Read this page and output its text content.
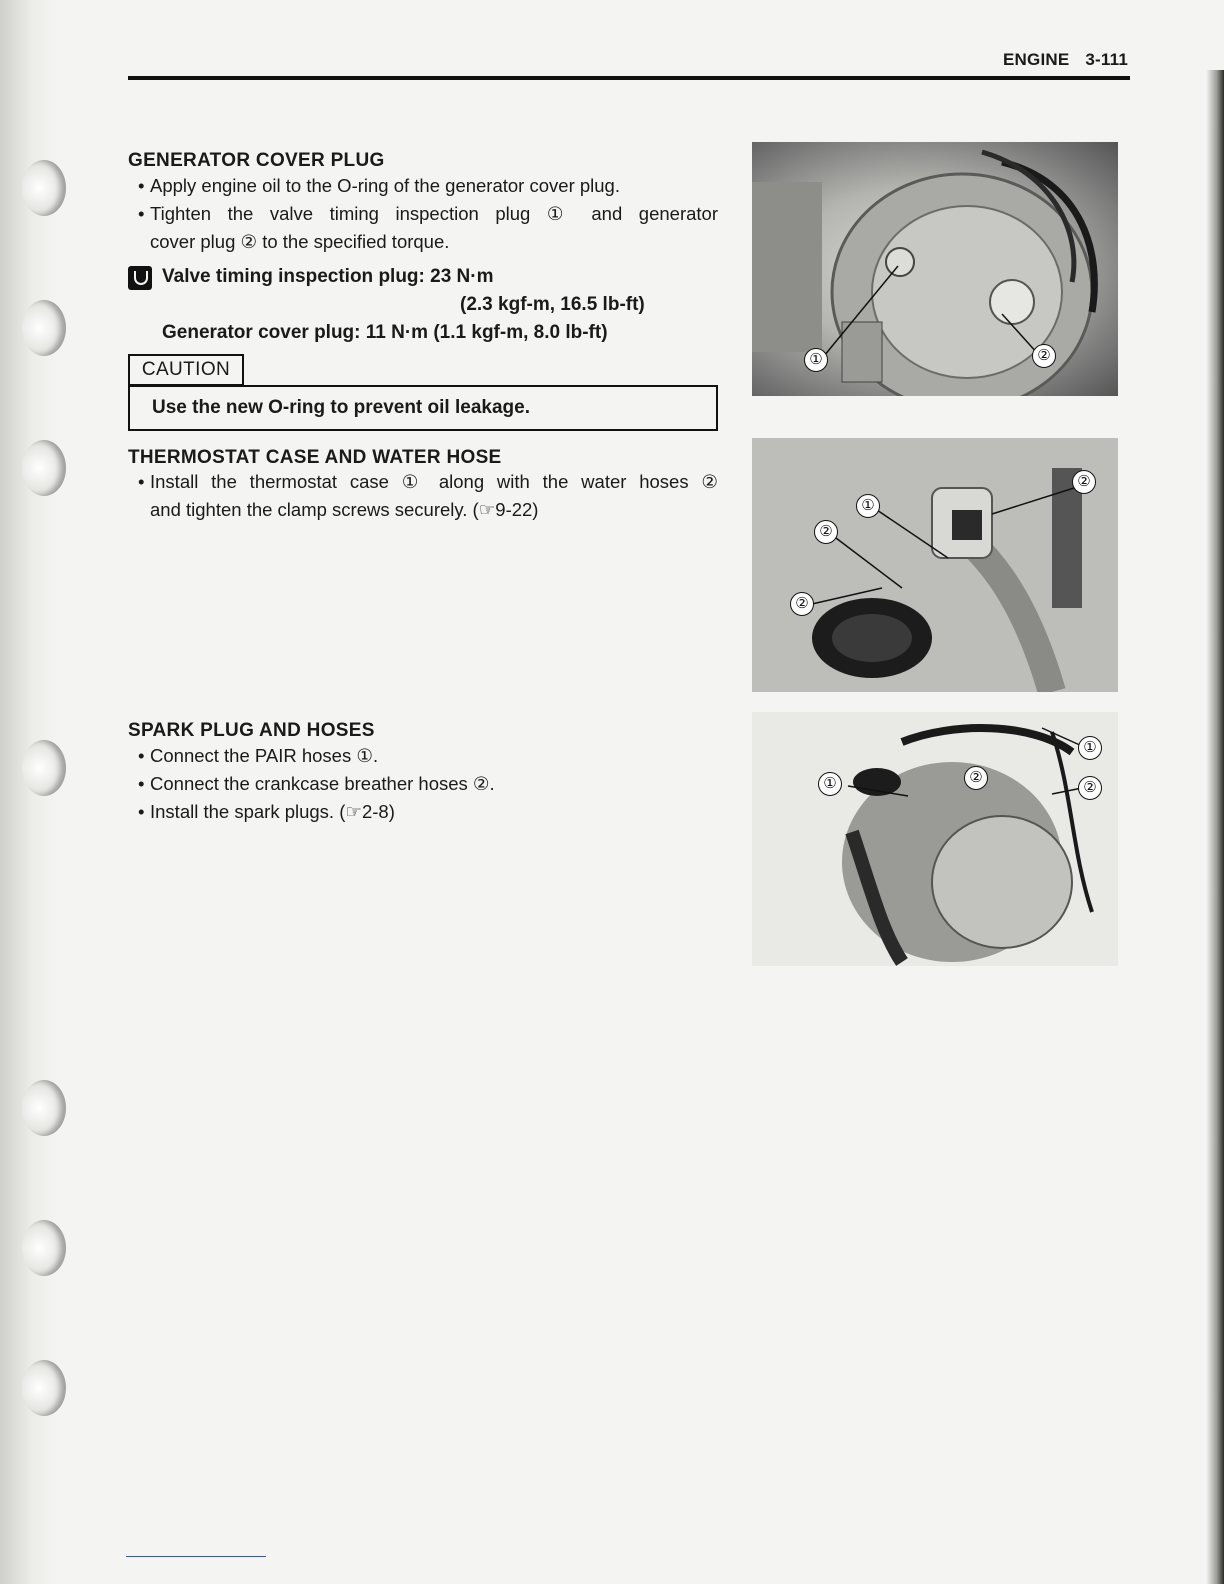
ENGINE 3-111
GENERATOR COVER PLUG
• Apply engine oil to the O-ring of the generator cover plug.
• Tighten the valve timing inspection plug ① and generator
cover plug ② to the specified torque.
Valve timing inspection plug: 23 N·m
(2.3 kgf-m, 16.5 lb-ft)
Generator cover plug: 11 N·m (1.1 kgf-m, 8.0 lb-ft)
CAUTION
Use the new O-ring to prevent oil leakage.
THERMOSTAT CASE AND WATER HOSE
• Install the thermostat case ① along with the water hoses ②
and tighten the clamp screws securely. (☞9-22)
SPARK PLUG AND HOSES
• Connect the PAIR hoses ①.
• Connect the crankcase breather hoses ②.
• Install the spark plugs. (☞2-8)
①	②
①
②
②
②
①	②
①
②
